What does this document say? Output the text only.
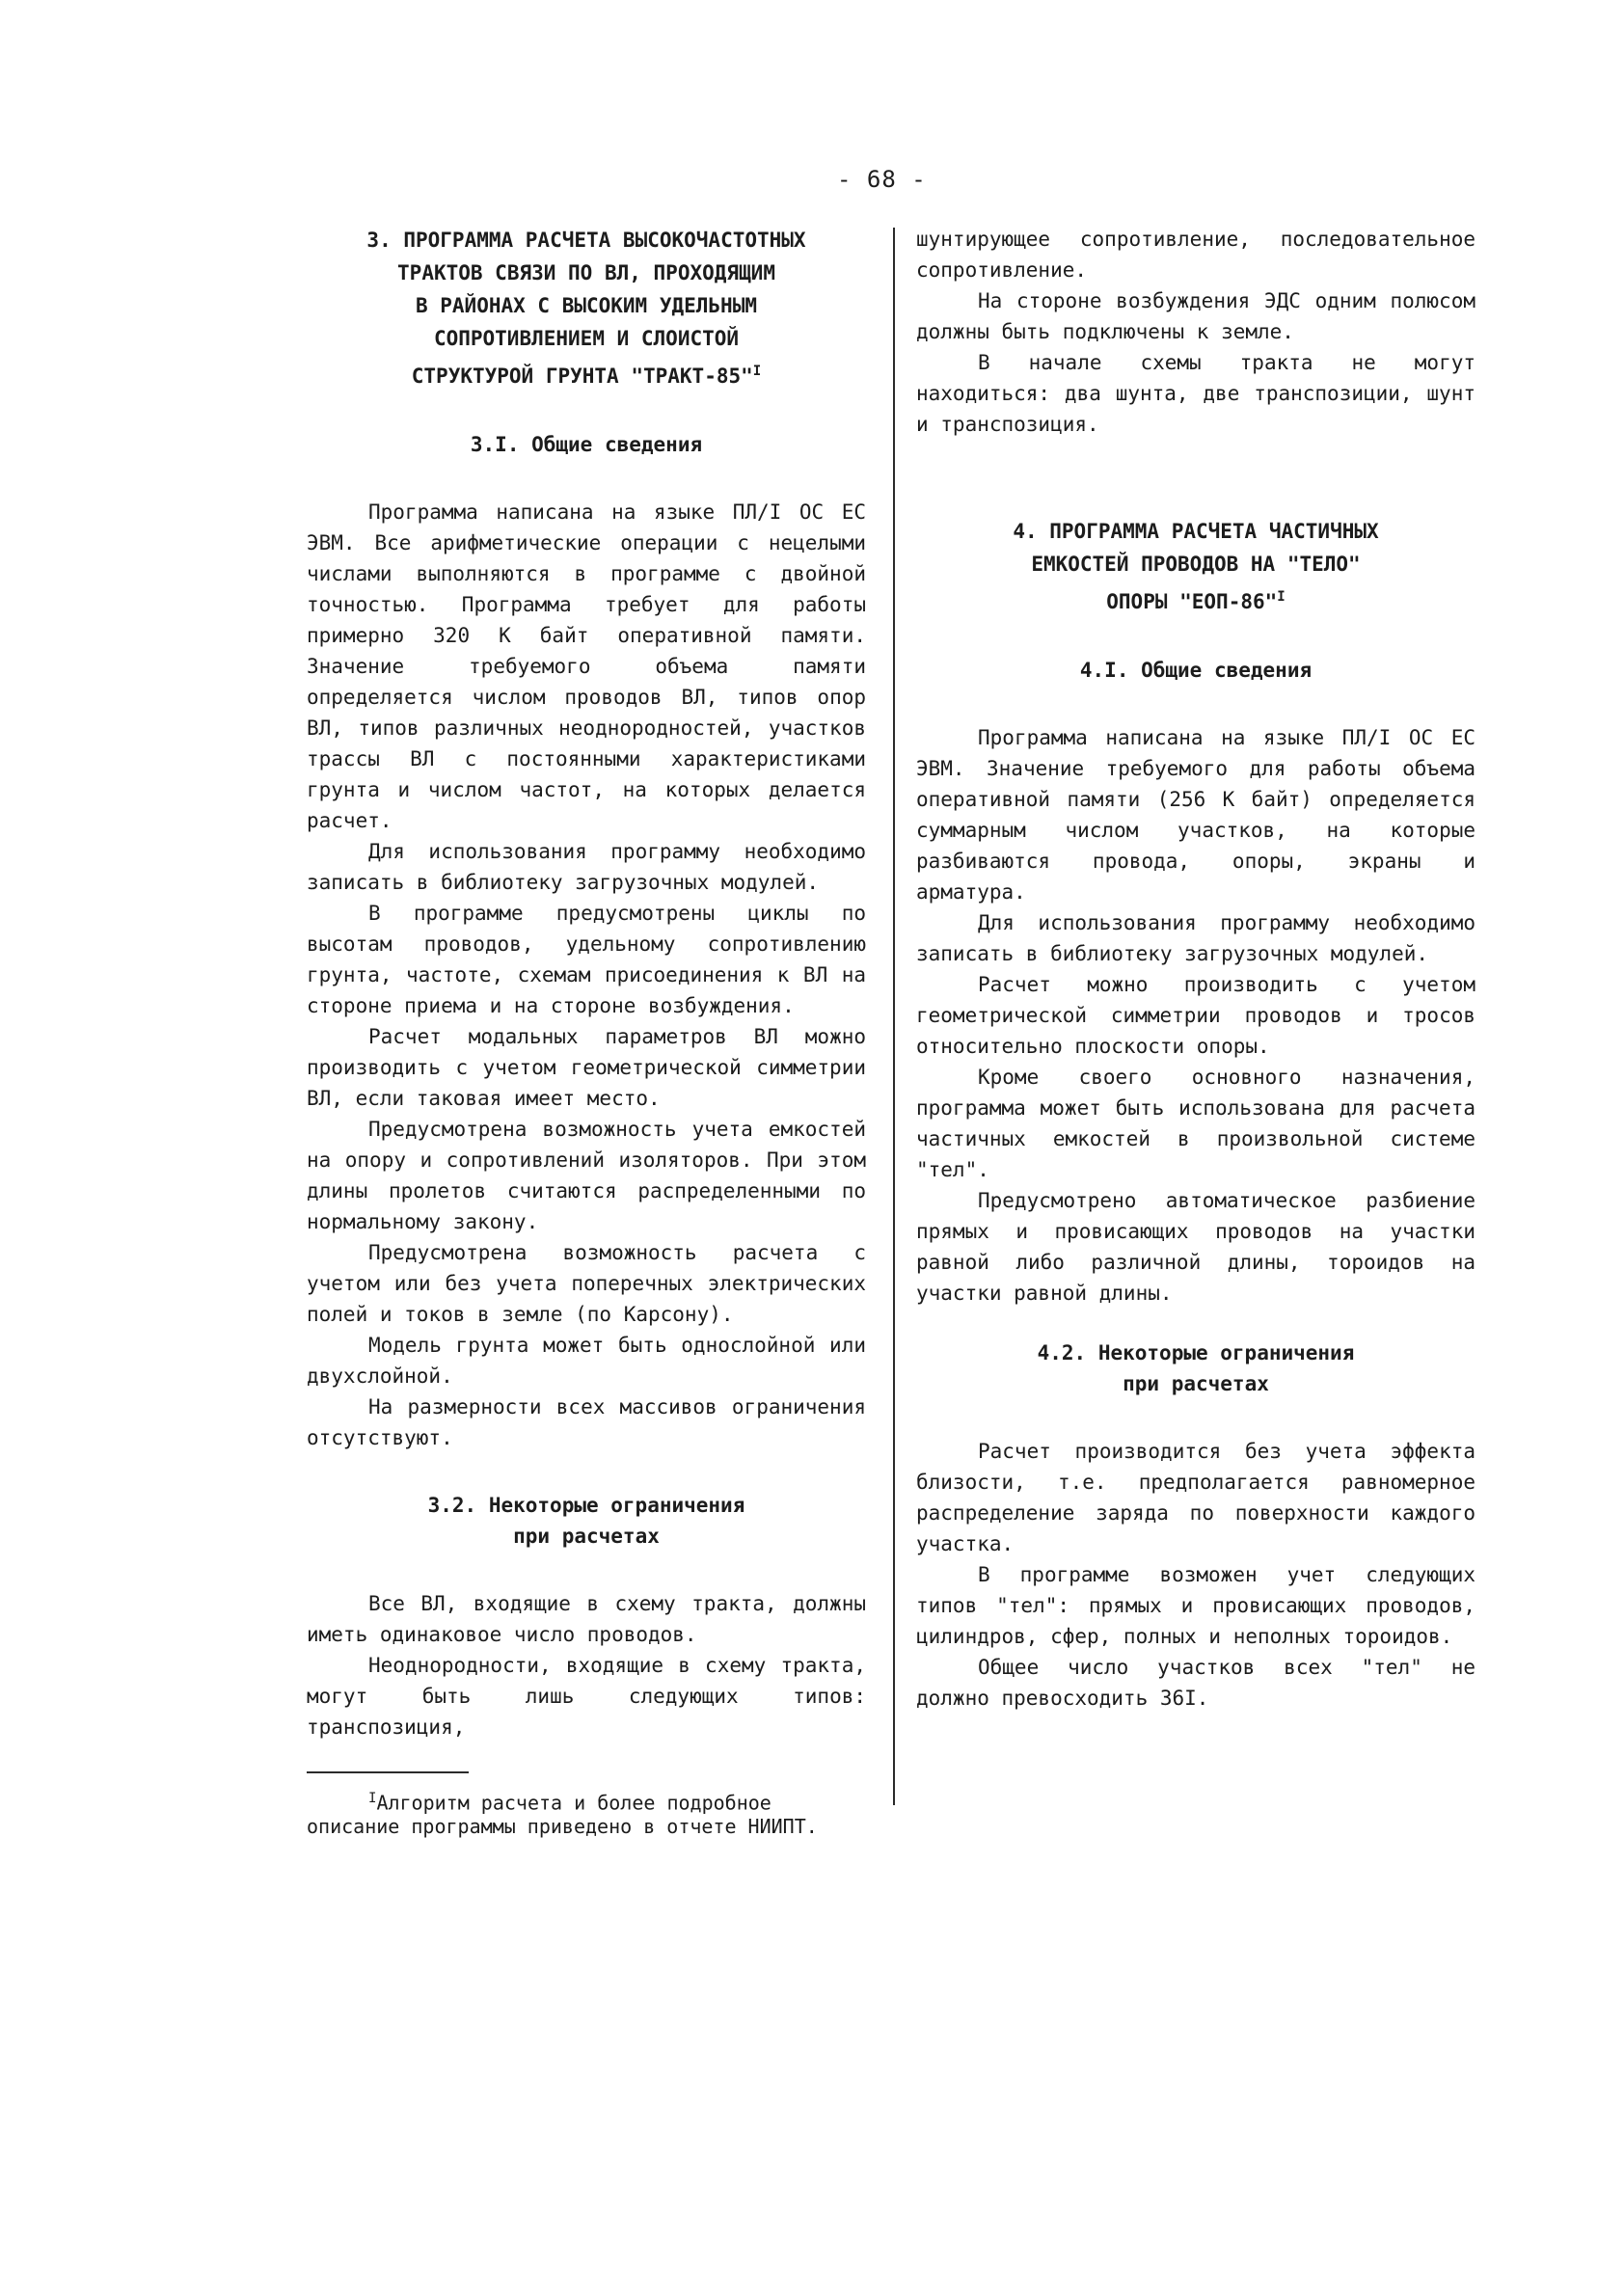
- 68 -
3. ПРОГРАММА РАСЧЕТА ВЫСОКОЧАСТОТНЫХ
ТРАКТОВ СВЯЗИ ПО ВЛ, ПРОХОДЯЩИМ
В РАЙОНАХ С ВЫСОКИМ УДЕЛЬНЫМ
СОПРОТИВЛЕНИЕМ И СЛОИСТОЙ
СТРУКТУРОЙ ГРУНТА "ТРАКТ-85"$^I$
3.I. Общие сведения

Программа написана на языке ПЛ/I ОС ЕС ЭВМ. Все арифметические операции с нецелыми числами выполняются в программе с двойной точностью. Программа требует для работы примерно 320 К байт оперативной памяти. Значение требуемого объема памяти определяется числом проводов ВЛ, типов опор ВЛ, типов различных неоднородностей, участков трассы ВЛ с постоянными характеристиками грунта и числом частот, на которых делается расчет.

Для использования программу необходимо записать в библиотеку загрузочных модулей.

В программе предусмотрены циклы по высотам проводов, удельному сопротивлению грунта, частоте, схемам присоединения к ВЛ на стороне приема и на стороне возбуждения.

Расчет модальных параметров ВЛ можно производить с учетом геометрической симметрии ВЛ, если таковая имеет место.

Предусмотрена возможность учета емкостей на опору и сопротивлений изоляторов. При этом длины пролетов считаются распределенными по нормальному закону.

Предусмотрена возможность расчета с учетом или без учета поперечных электрических полей и токов в земле (по Карсону).

Модель грунта может быть однослойной или двухслойной.

На размерности всех массивов ограничения отсутствуют.

3.2. Некоторые ограничения
при расчетах

Все ВЛ, входящие в схему тракта, должны иметь одинаковое число проводов.

Неоднородности, входящие в схему тракта, могут быть лишь следующих типов: транспозиция,

$^I$Алгоритм расчета и более подробное описание программы приведено в отчете НИИПТ.

шунтирующее сопротивление, последовательное сопротивление.

На стороне возбуждения ЭДС одним полюсом должны быть подключены к земле.

В начале схемы тракта не могут находиться: два шунта, две транспозиции, шунт и транспозиция.

4. ПРОГРАММА РАСЧЕТА ЧАСТИЧНЫХ
ЕМКОСТЕЙ ПРОВОДОВ НА "ТЕЛО"
ОПОРЫ "ЕОП-86"$^I$
4.I. Общие сведения

Программа написана на языке ПЛ/I ОС ЕС ЭВМ. Значение требуемого для работы объема оперативной памяти (256 К байт) определяется суммарным числом участков, на которые разбиваются провода, опоры, экраны и арматура.

Для использования программу необходимо записать в библиотеку загрузочных модулей.

Расчет можно производить с учетом геометрической симметрии проводов и тросов относительно плоскости опоры.

Кроме своего основного назначения, программа может быть использована для расчета частичных емкостей в произвольной системе "тел".

Предусмотрено автоматическое разбиение прямых и провисающих проводов на участки равной либо различной длины, тороидов на участки равной длины.

4.2. Некоторые ограничения
при расчетах

Расчет производится без учета эффекта близости, т.е. предполагается равномерное распределение заряда по поверхности каждого участка.

В программе возможен учет следующих типов "тел": прямых и провисающих проводов, цилиндров, сфер, полных и неполных тороидов.

Общее число участков всех "тел" не должно превосходить 36I.
